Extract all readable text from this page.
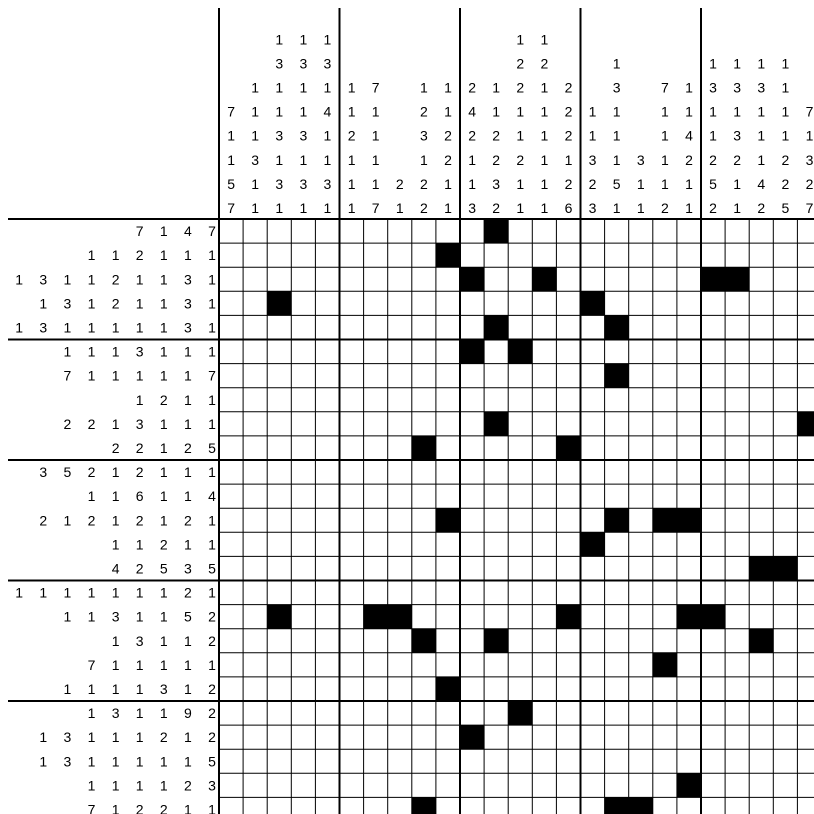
7
1
1
5
7
1
1
1
3
1
1
1
3
1
1
3
1
3
1
1
3
1
1
3
1
3
1
1
3
1
4
1
1
3
1
1
1
2
1
1
1
7
1
1
1
1
7
2
1
1
2
3
1
2
2
1
1
2
2
1
1
2
4
2
1
1
3
1
1
2
2
3
2
1
2
2
1
1
2
1
1
1
2
1
1
1
1
1
1
2
2
2
1
2
6
1
1
3
2
3
1
3
1
1
1
5
1
3
1
1
7
1
1
1
1
2
1
1
4
2
1
1
1
3
1
1
2
5
2
1
3
1
3
2
1
1
1
3
1
1
1
4
2
1
1
1
1
2
2
5
7
1
3
2
7
7 1 4 7
1 1 2 1 1 1
1 3 1 1 2 1 1 3 1
1 3 1 2 1 1 3 1
1 3 1 1 1 1 1 3 1
1 1 1 3 1 1 1
7 1 1 1 1 1 7
1 2 1 1
2 2 1 3 1 1 1
2 2 1 2 5
3 5 2 1 2 1 1 1
1 1 6 1 1 4
2 1 2 1 2 1 2 1
1 1 2 1 1
4 2 5 3 5
1 1 1 1 1 1 1 2 1
1 1 3 1 1 5 2
1 3 1 1 2
7 1 1 1 1 1
1 1 1 1 3 1 2
1 3 1 1 9 2
1 3 1 1 1 2 1 2
1 3 1 1 1 1 1 5
1 1 1 1 2 3
7 1 2 2 1 1
